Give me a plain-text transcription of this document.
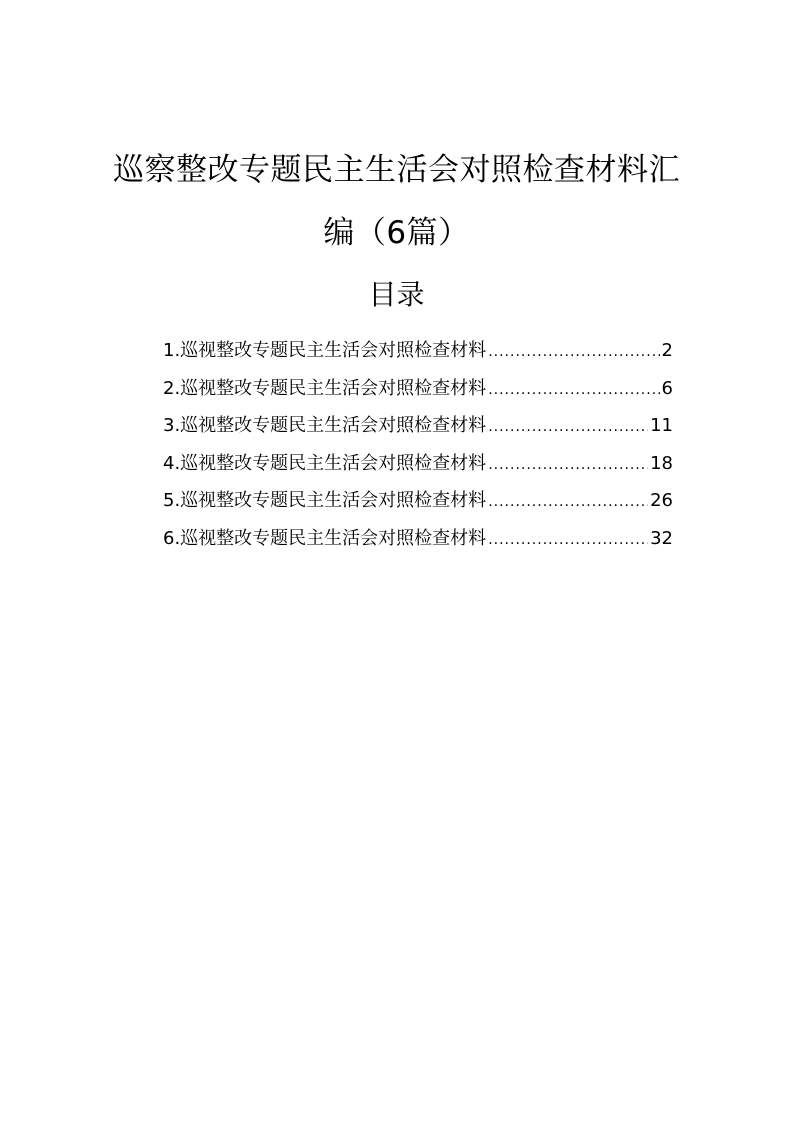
巡察整改专题民主生活会对照检查材料汇
编（6篇）
目录
1.巡视整改专题民主生活会对照检查材料 .....	2
2.巡视整改专题民主生活会对照检查材料 .....	6
3.巡视整改专题民主生活会对照检查材料 .....	11
4.巡视整改专题民主生活会对照检查材料 .....	18
5.巡视整改专题民主生活会对照检查材料 .....	26
6.巡视整改专题民主生活会对照检查材料 .....	32
